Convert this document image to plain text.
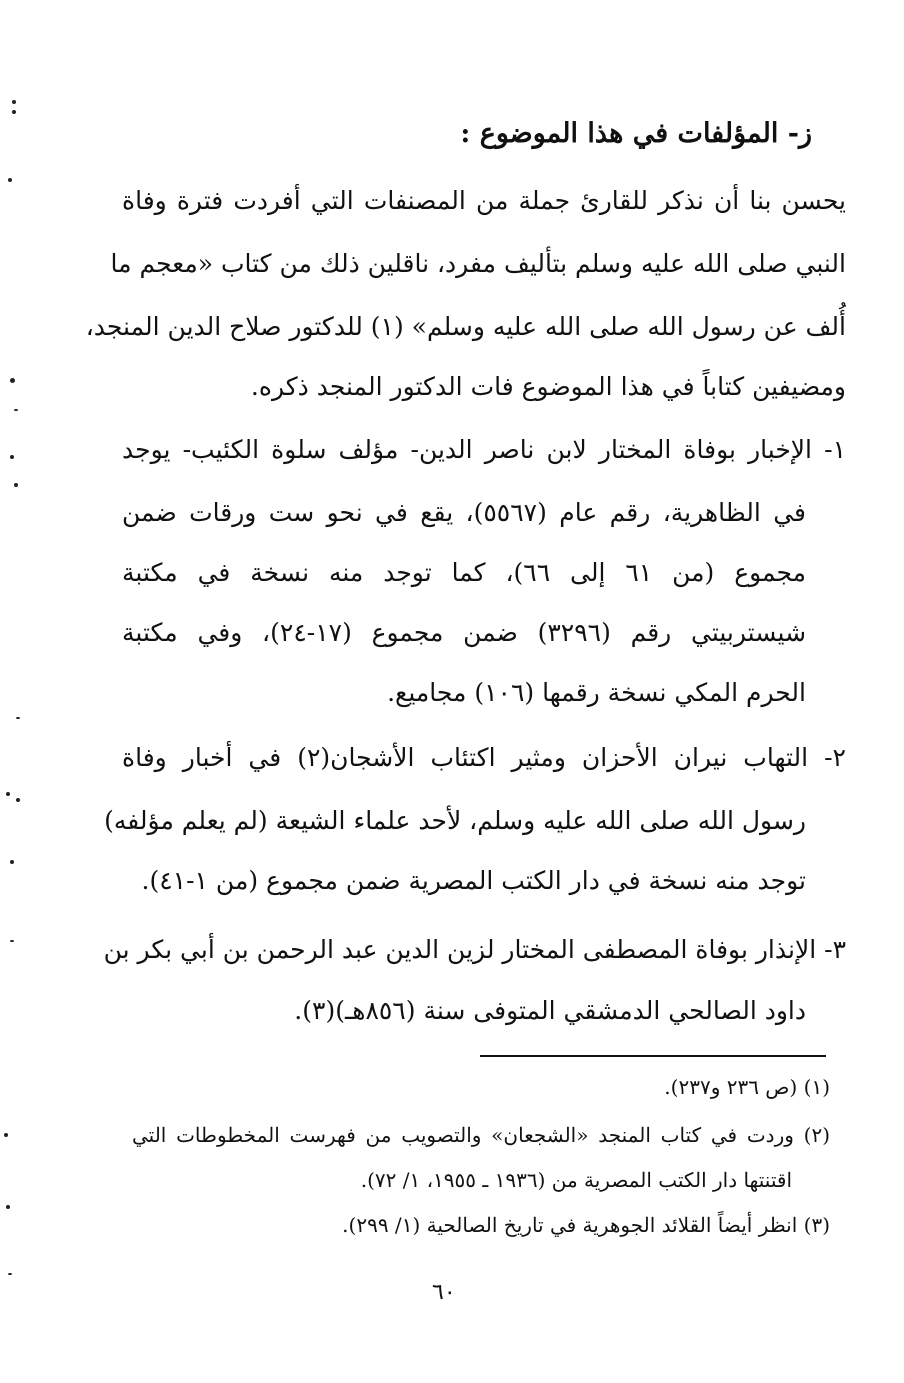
ز- المؤلفات في هذا الموضوع :
يحسن بنا أن نذكر للقارئ جملة من المصنفات التي أفردت فترة وفاة
النبي صلى الله عليه وسلم بتأليف مفرد، ناقلين ذلك من كتاب «معجم ما
أُلف عن رسول الله صلى الله عليه وسلم» (١) للدكتور صلاح الدين المنجد،
ومضيفين كتاباً في هذا الموضوع فات الدكتور المنجد ذكره.
١- الإخبار بوفاة المختار لابن ناصر الدين- مؤلف سلوة الكئيب- يوجد
في الظاهرية، رقم عام (٥٥٦٧)، يقع في نحو ست ورقات ضمن
مجموع (من ٦١ إلى ٦٦)، كما توجد منه نسخة في مكتبة
شيستربيتي رقم (٣٢٩٦) ضمن مجموع (١٧-٢٤)، وفي مكتبة
الحرم المكي نسخة رقمها (١٠٦) مجاميع.
٢- التهاب نيران الأحزان ومثير اكتئاب الأشجان(٢) في أخبار وفاة
رسول الله صلى الله عليه وسلم، لأحد علماء الشيعة (لم يعلم مؤلفه)
توجد منه نسخة في دار الكتب المصرية ضمن مجموع (من ١-٤١).
٣- الإنذار بوفاة المصطفى المختار لزين الدين عبد الرحمن بن أبي بكر بن
داود الصالحي الدمشقي المتوفى سنة (٨٥٦هـ)(٣).
(١) (ص ٢٣٦ و٢٣٧).
(٢) وردت في كتاب المنجد «الشجعان» والتصويب من فهرست المخطوطات التي
اقتنتها دار الكتب المصرية من (١٩٣٦ ـ ١٩٥٥، ١/ ٧٢).
(٣) انظر أيضاً القلائد الجوهرية في تاريخ الصالحية (١/ ٢٩٩).
٦٠
